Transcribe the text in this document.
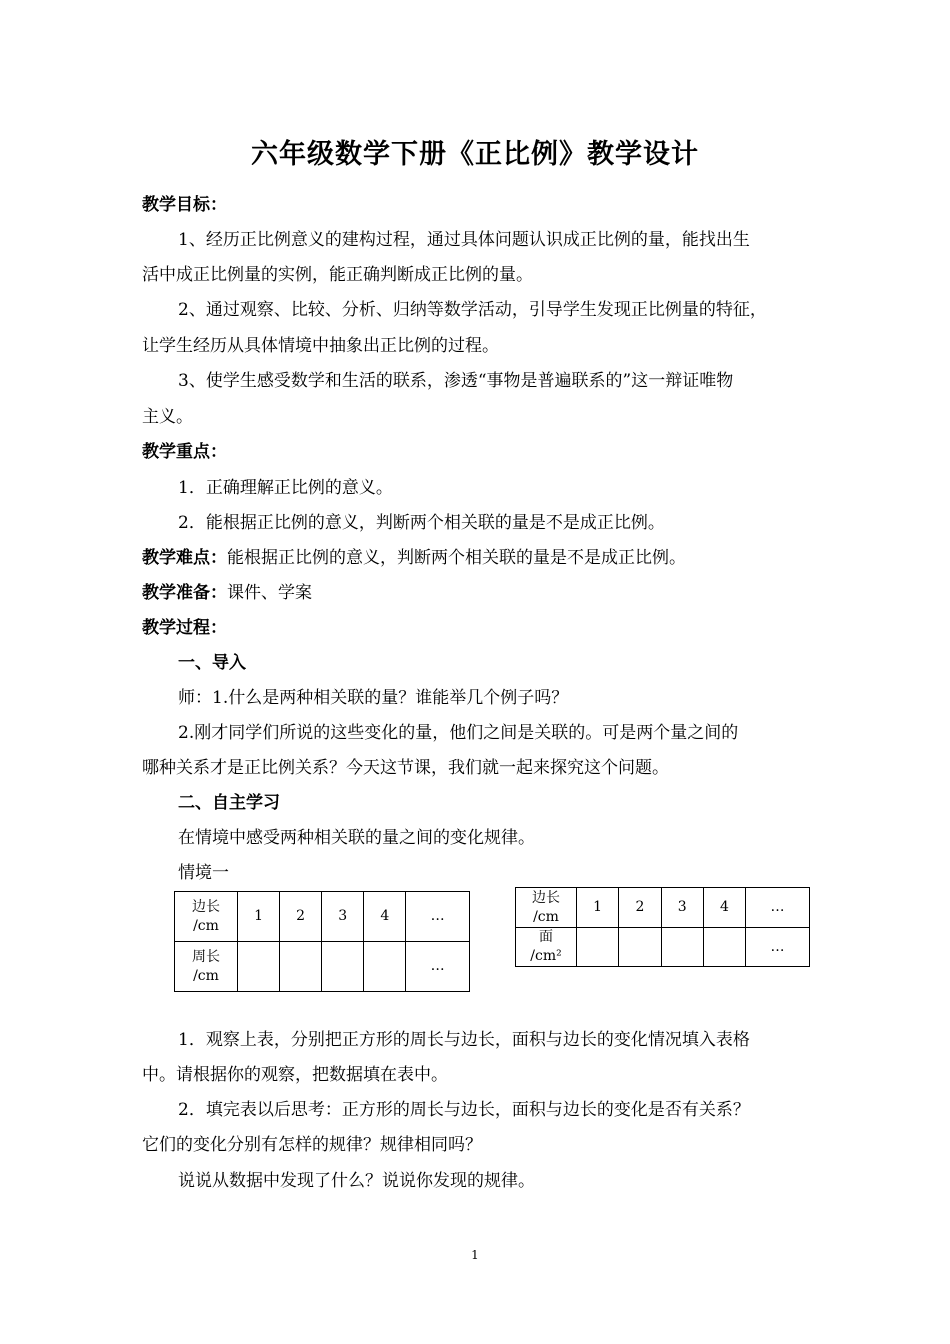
六年级数学下册《正比例》教学设计

教学目标：

1、经历正比例意义的建构过程，通过具体问题认识成正比例的量，能找出生

活中成正比例量的实例，能正确判断成正比例的量。

2、通过观察、比较、分析、归纳等数学活动，引导学生发现正比例量的特征，

让学生经历从具体情境中抽象出正比例的过程。

3、使学生感受数学和生活的联系，渗透“事物是普遍联系的”这一辩证唯物

主义。

教学重点：

1．正确理解正比例的意义。

2．能根据正比例的意义，判断两个相关联的量是不是成正比例。

教学难点：能根据正比例的意义，判断两个相关联的量是不是成正比例。

教学准备：课件、学案

教学过程：

一、导入

师：1.什么是两种相关联的量？谁能举几个例子吗？

2.刚才同学们所说的这些变化的量，他们之间是关联的。可是两个量之间的

哪种关系才是正比例关系？今天这节课，我们就一起来探究这个问题。

二、自主学习

在情境中感受两种相关联的量之间的变化规律。

情境一

边长
/cm	1	2	3	4	…
周长
/cm					…
边长
/cm	1	2	3	4	…
面
/cm²					…

1．观察上表，分别把正方形的周长与边长，面积与边长的变化情况填入表格

中。请根据你的观察，把数据填在表中。

2．填完表以后思考：正方形的周长与边长，面积与边长的变化是否有关系？

它们的变化分别有怎样的规律？规律相同吗？

说说从数据中发现了什么？说说你发现的规律。

1
